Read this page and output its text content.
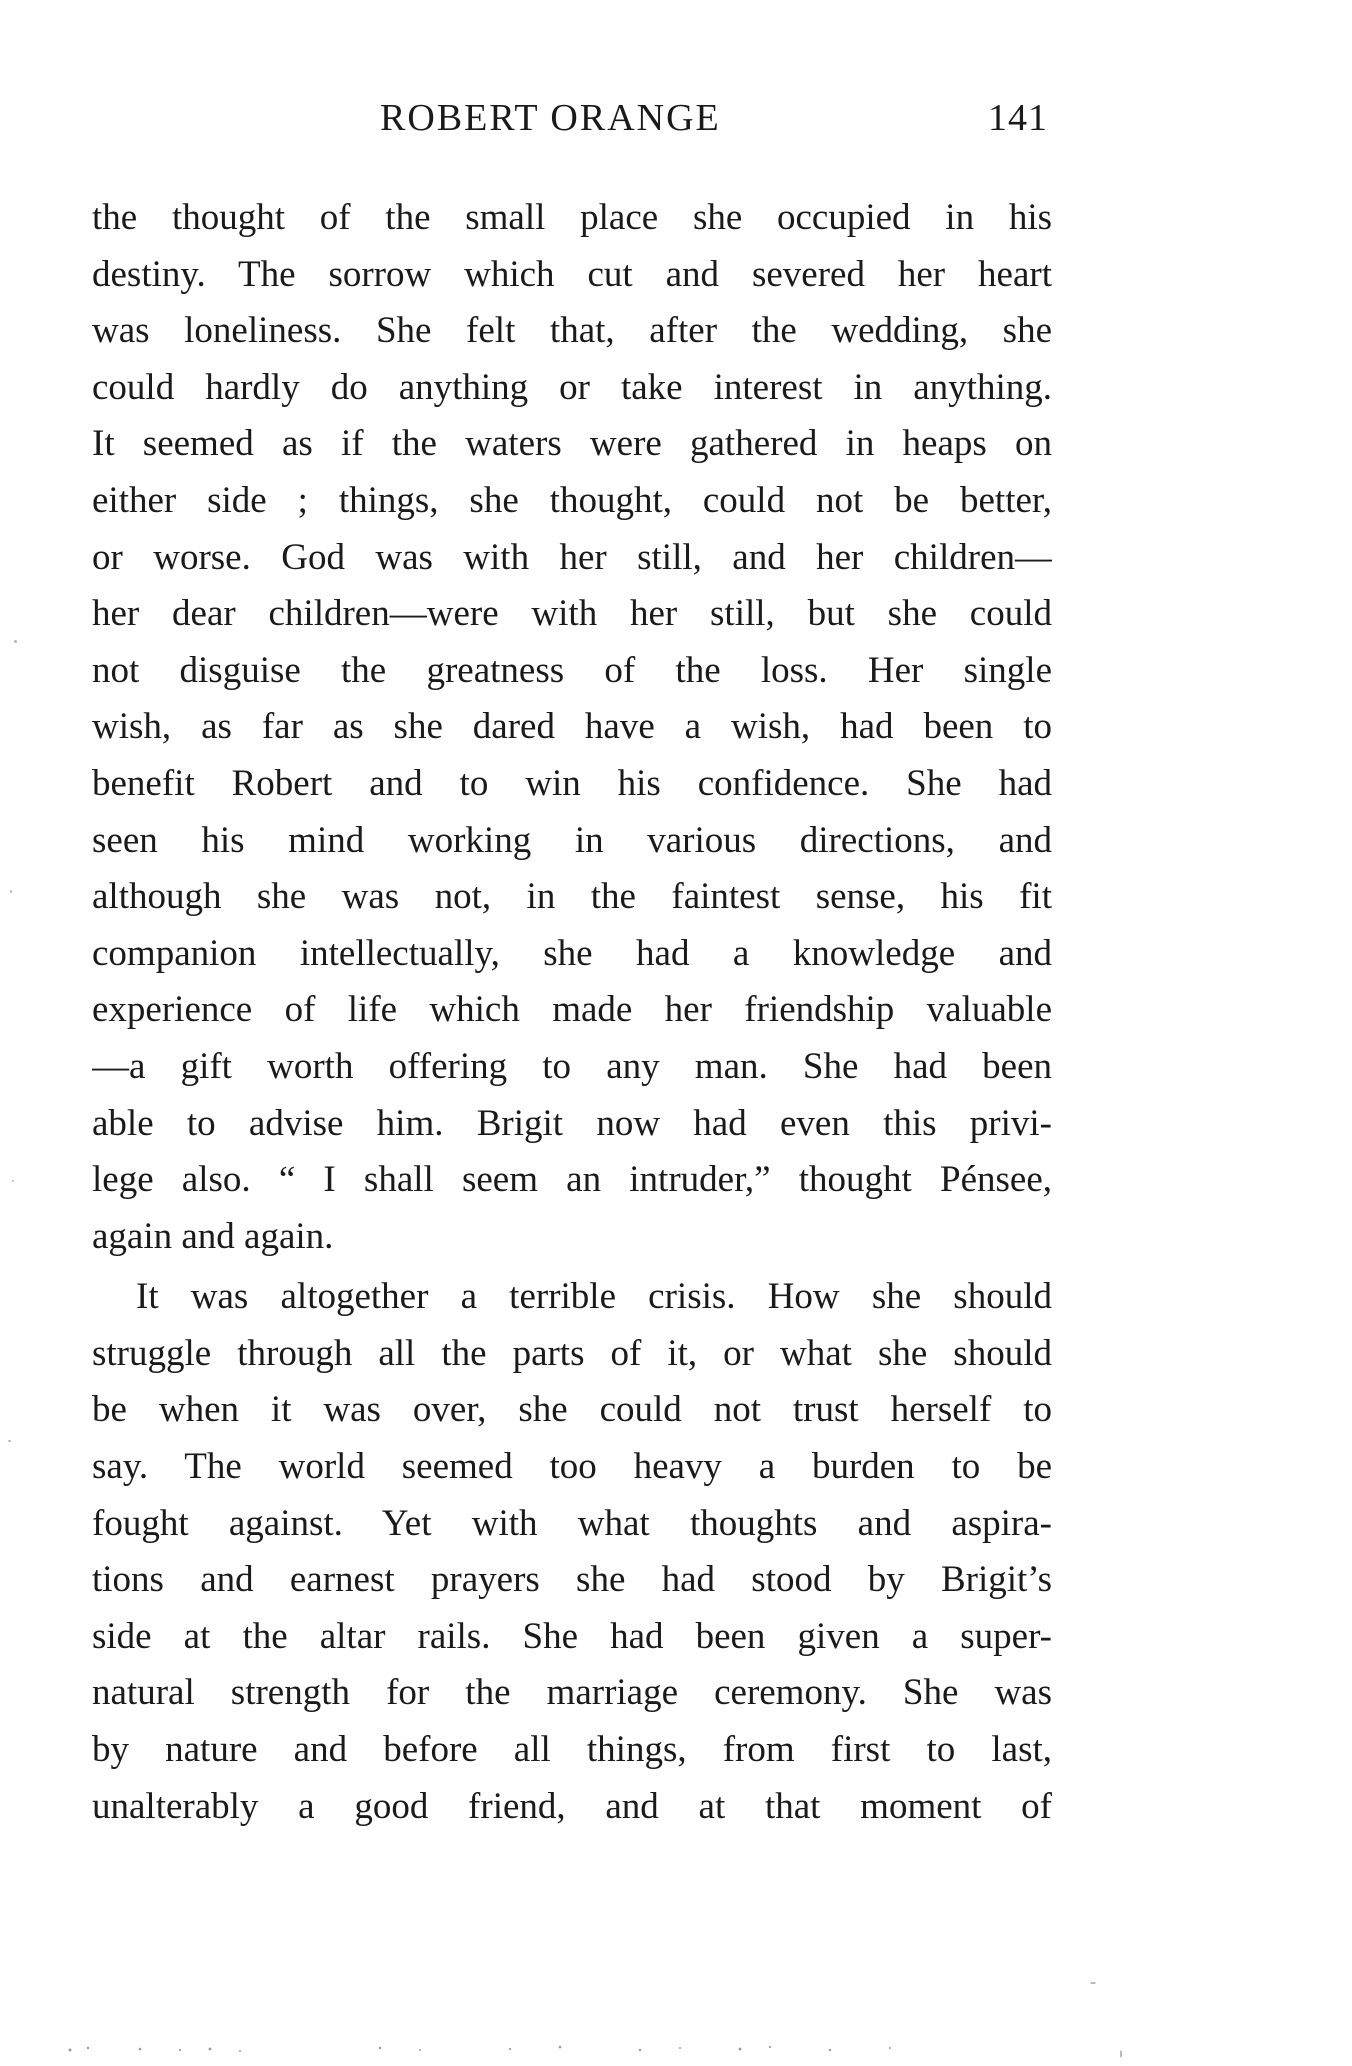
ROBERT ORANGE	141
the thought of the small place she occupied in his
destiny. The sorrow which cut and severed her heart
was loneliness. She felt that, after the wedding, she
could hardly do anything or take interest in anything.
It seemed as if the waters were gathered in heaps on
either side ; things, she thought, could not be better,
or worse. God was with her still, and her children—
her dear children—were with her still, but she could
not disguise the greatness of the loss. Her single
wish, as far as she dared have a wish, had been to
benefit Robert and to win his confidence. She had
seen his mind working in various directions, and
although she was not, in the faintest sense, his fit
companion intellectually, she had a knowledge and
experience of life which made her friendship valuable
—a gift worth offering to any man. She had been
able to advise him. Brigit now had even this privi-
lege also. “ I shall seem an intruder,” thought Pénsee,
again and again.
It was altogether a terrible crisis. How she should
struggle through all the parts of it, or what she should
be when it was over, she could not trust herself to
say. The world seemed too heavy a burden to be
fought against. Yet with what thoughts and aspira-
tions and earnest prayers she had stood by Brigit’s
side at the altar rails. She had been given a super-
natural strength for the marriage ceremony. She was
by nature and before all things, from first to last,
unalterably a good friend, and at that moment of
